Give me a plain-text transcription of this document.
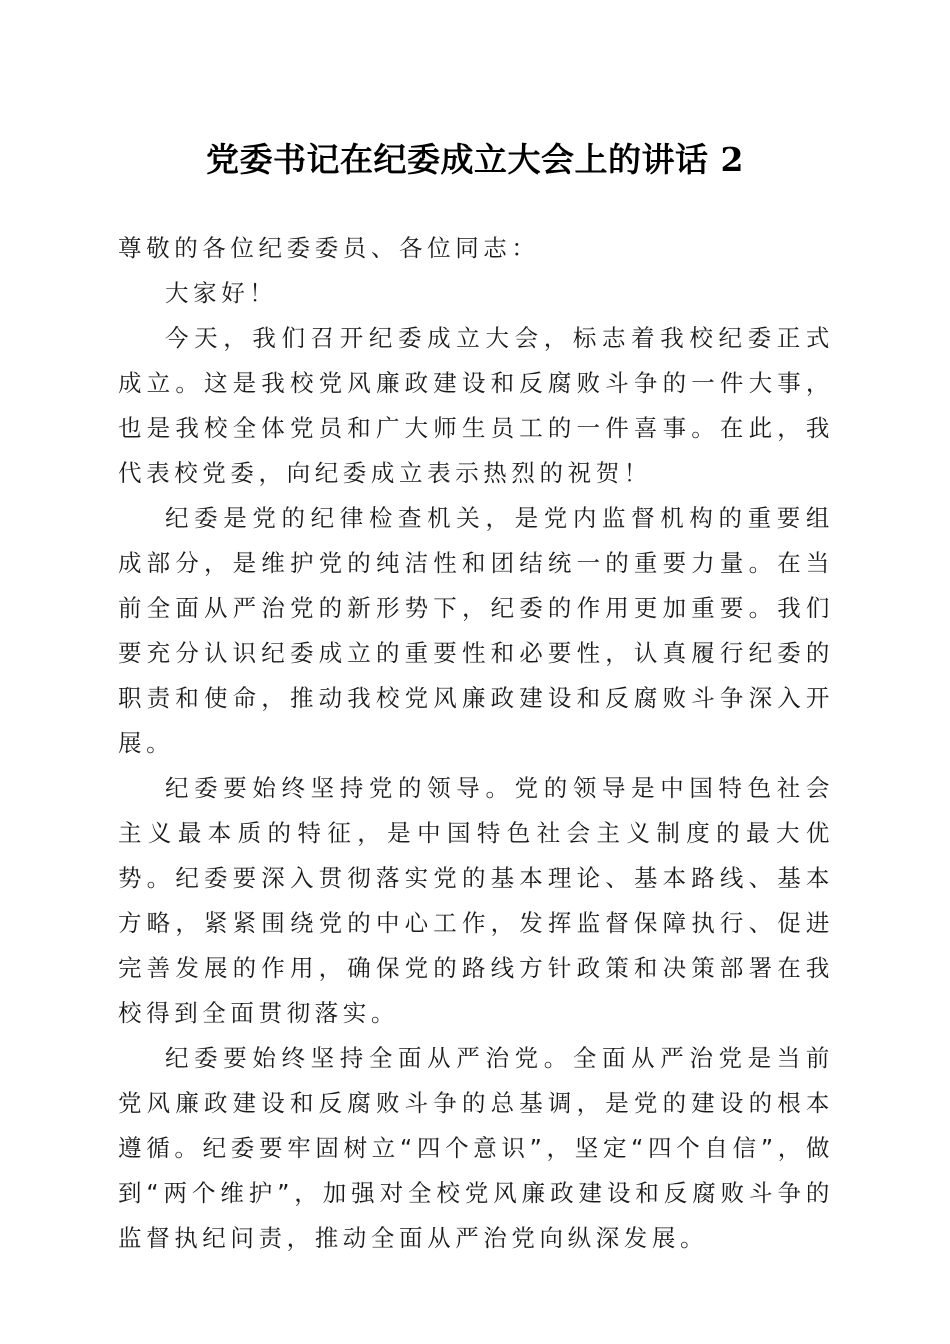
党委书记在纪委成立大会上的讲话 2

尊敬的各位纪委委员、各位同志：

大家好！

今天，我们召开纪委成立大会，标志着我校纪委正式成立。这是我校党风廉政建设和反腐败斗争的一件大事，也是我校全体党员和广大师生员工的一件喜事。在此，我代表校党委，向纪委成立表示热烈的祝贺！

纪委是党的纪律检查机关，是党内监督机构的重要组成部分，是维护党的纯洁性和团结统一的重要力量。在当前全面从严治党的新形势下，纪委的作用更加重要。我们要充分认识纪委成立的重要性和必要性，认真履行纪委的职责和使命，推动我校党风廉政建设和反腐败斗争深入开展。

纪委要始终坚持党的领导。党的领导是中国特色社会主义最本质的特征，是中国特色社会主义制度的最大优势。纪委要深入贯彻落实党的基本理论、基本路线、基本方略，紧紧围绕党的中心工作，发挥监督保障执行、促进完善发展的作用，确保党的路线方针政策和决策部署在我校得到全面贯彻落实。

纪委要始终坚持全面从严治党。全面从严治党是当前党风廉政建设和反腐败斗争的总基调，是党的建设的根本遵循。纪委要牢固树立“四个意识”，坚定“四个自信”，做到“两个维护”，加强对全校党风廉政建设和反腐败斗争的监督执纪问责，推动全面从严治党向纵深发展。
